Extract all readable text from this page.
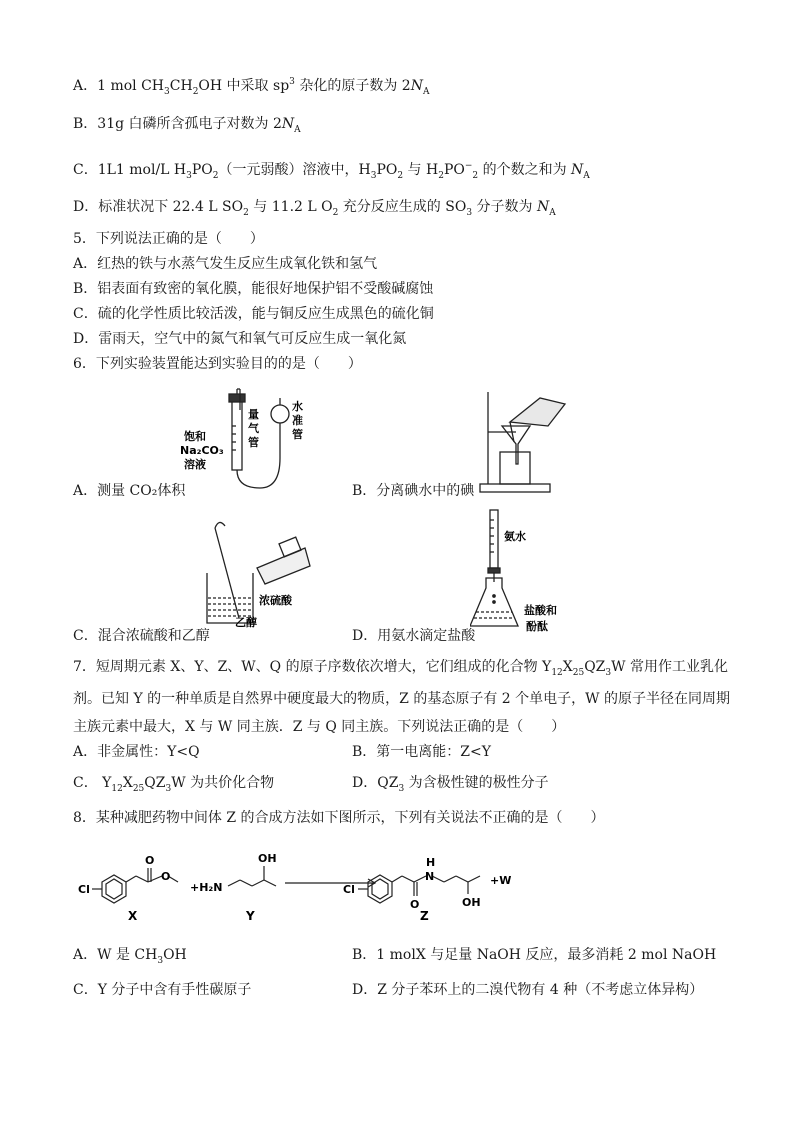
A．1 mol $CH_3CH_2OH$ 中采取 $sp^3$ 杂化的原子数为 $2N_A$
B．31g 白磷所含孤电子对数为 $2N_A$
C．1L1 mol/L $H_3PO_2$（一元弱酸）溶液中，$H_3PO_2$ 与 $H_2PO^-_2$ 的个数之和为 $N_A$
D．标准状况下 22.4 L $SO_2$ 与 11.2 L $O_2$ 充分反应生成的 $SO_3$ 分子数为 $N_A$
5．下列说法正确的是（　　）
A．红热的铁与水蒸气发生反应生成氧化铁和氢气
B．铝表面有致密的氧化膜，能很好地保护铝不受酸碱腐蚀
C．硫的化学性质比较活泼，能与铜反应生成黑色的硫化铜
D．雷雨天，空气中的氮气和氧气可反应生成一氧化氮
6．下列实验装置能达到实验目的的是（　　）
饱和
Na₂CO₃
溶液
量
气
管
水
准
管
A．测量 CO₂体积	B．分离碘水中的碘
浓硫酸
乙醇
C．混合浓硫酸和乙醇
氨水
盐酸和
酚酞
D．用氨水滴定盐酸
7．短周期元素 X、Y、Z、W、Q 的原子序数依次增大，它们组成的化合物 $Y_{12}X_{25}QZ_3W$ 常用作工业乳化
剂。已知 Y 的一种单质是自然界中硬度最大的物质，Z 的基态原子有 2 个单电子，W 的原子半径在同周期
主族元素中最大，X 与 W 同主族．Z 与 Q 同主族。下列说法正确的是（　　）
A．非金属性：Y<Q	B．第一电离能：Z<Y
C． $Y_{12}X_{25}QZ_3W$ 为共价化合物	D．$QZ_3$ 为含极性键的极性分子
8．某种减肥药物中间体 Z 的合成方法如下图所示，下列有关说法不正确的是（　　）
Cl
O
O
+H₂N
OH
Cl
O
H
N
OH
+W
X	Y	Z
A．W 是 $CH_3OH$	B．1 molX 与足量 NaOH 反应，最多消耗 2 mol NaOH
C．Y 分子中含有手性碳原子	D．Z 分子苯环上的二溴代物有 4 种（不考虑立体异构）
